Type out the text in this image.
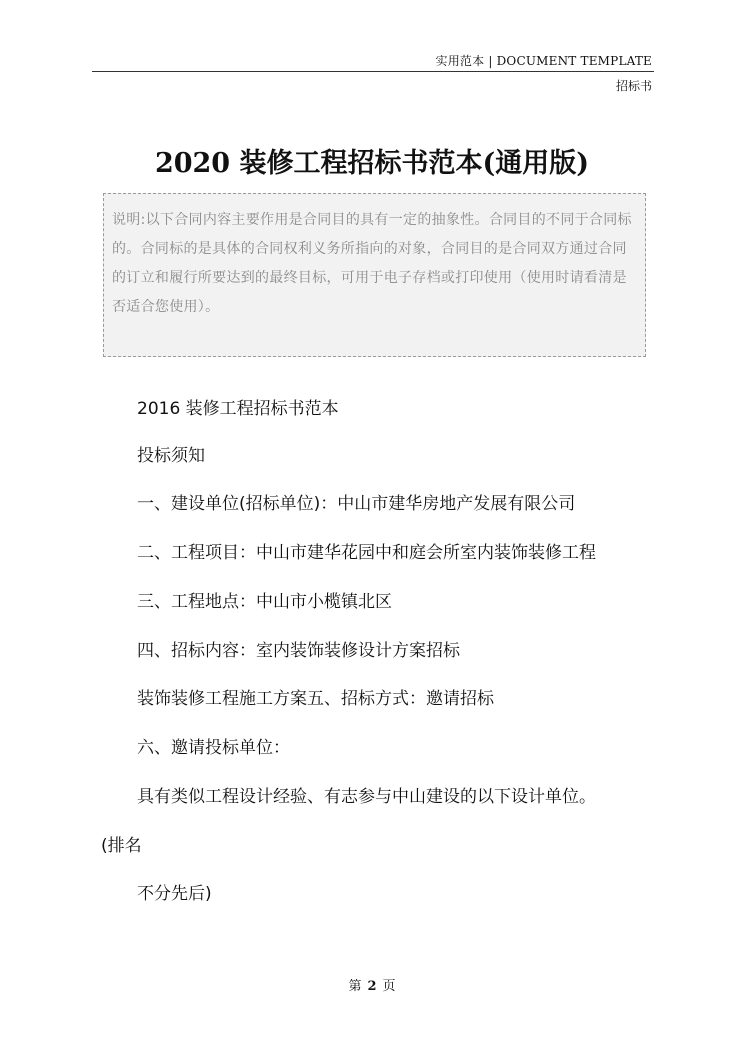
实用范本 | DOCUMENT TEMPLATE
招标书
2020 装修工程招标书范本(通用版)

说明:以下合同内容主要作用是合同目的具有一定的抽象性。合同目的不同于合同标的。合同标的是具体的合同权利义务所指向的对象，合同目的是合同双方通过合同的订立和履行所要达到的最终目标，可用于电子存档或打印使用（使用时请看清是否适合您使用）。

2016 装修工程招标书范本

投标须知

一、建设单位(招标单位)：中山市建华房地产发展有限公司

二、工程项目：中山市建华花园中和庭会所室内装饰装修工程

三、工程地点：中山市小榄镇北区

四、招标内容：室内装饰装修设计方案招标

装饰装修工程施工方案五、招标方式：邀请招标

六、邀请投标单位：

具有类似工程设计经验、有志参与中山建设的以下设计单位。

(排名

不分先后)

第 2 页
